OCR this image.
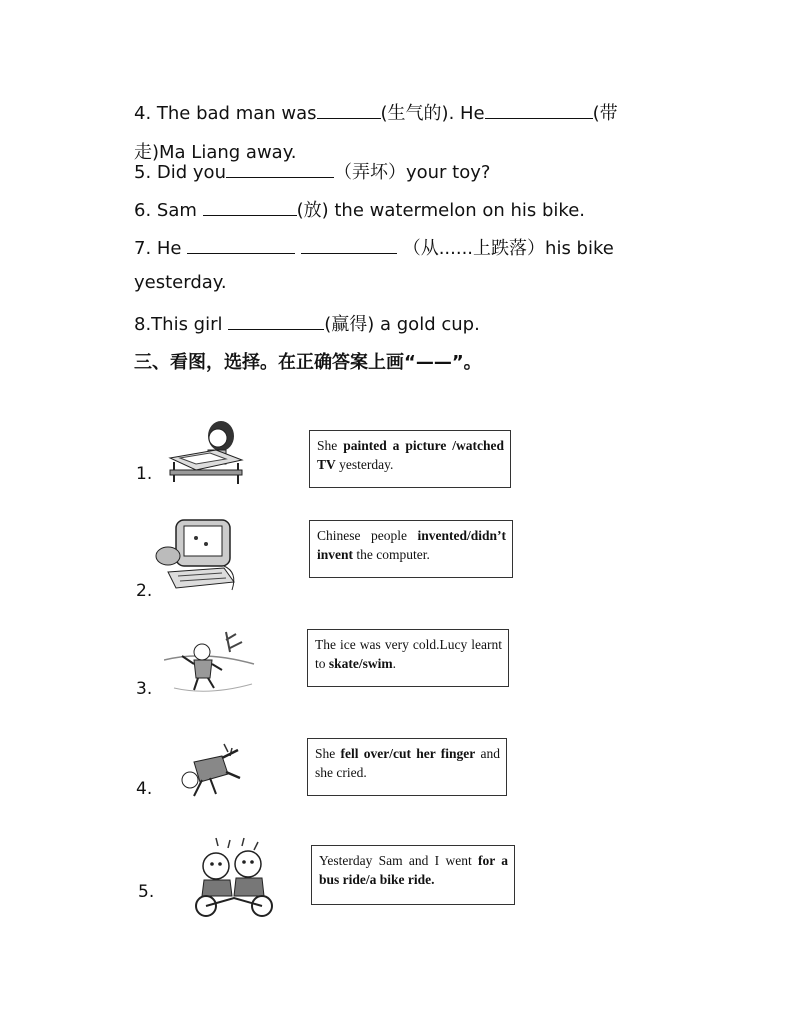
4. The bad man was	(生气的). He	(带
走)Ma Liang away.
5. Did you	（弄坏）your toy?
6. Sam	(放) the watermelon on his bike.
7. He	（从......上跌落）his bike
yesterday.
8.This girl	(赢得) a gold cup.
三、看图，选择。在正确答案上画“——”。
1.
She painted a picture /watched TV yesterday.
2.
Chinese people invented/didn’t invent the computer.
3.
The ice was very cold.Lucy learnt to skate/swim.
4.
She fell over/cut her finger and she cried.
5.
Yesterday Sam and I went for a bus ride/a bike ride.
